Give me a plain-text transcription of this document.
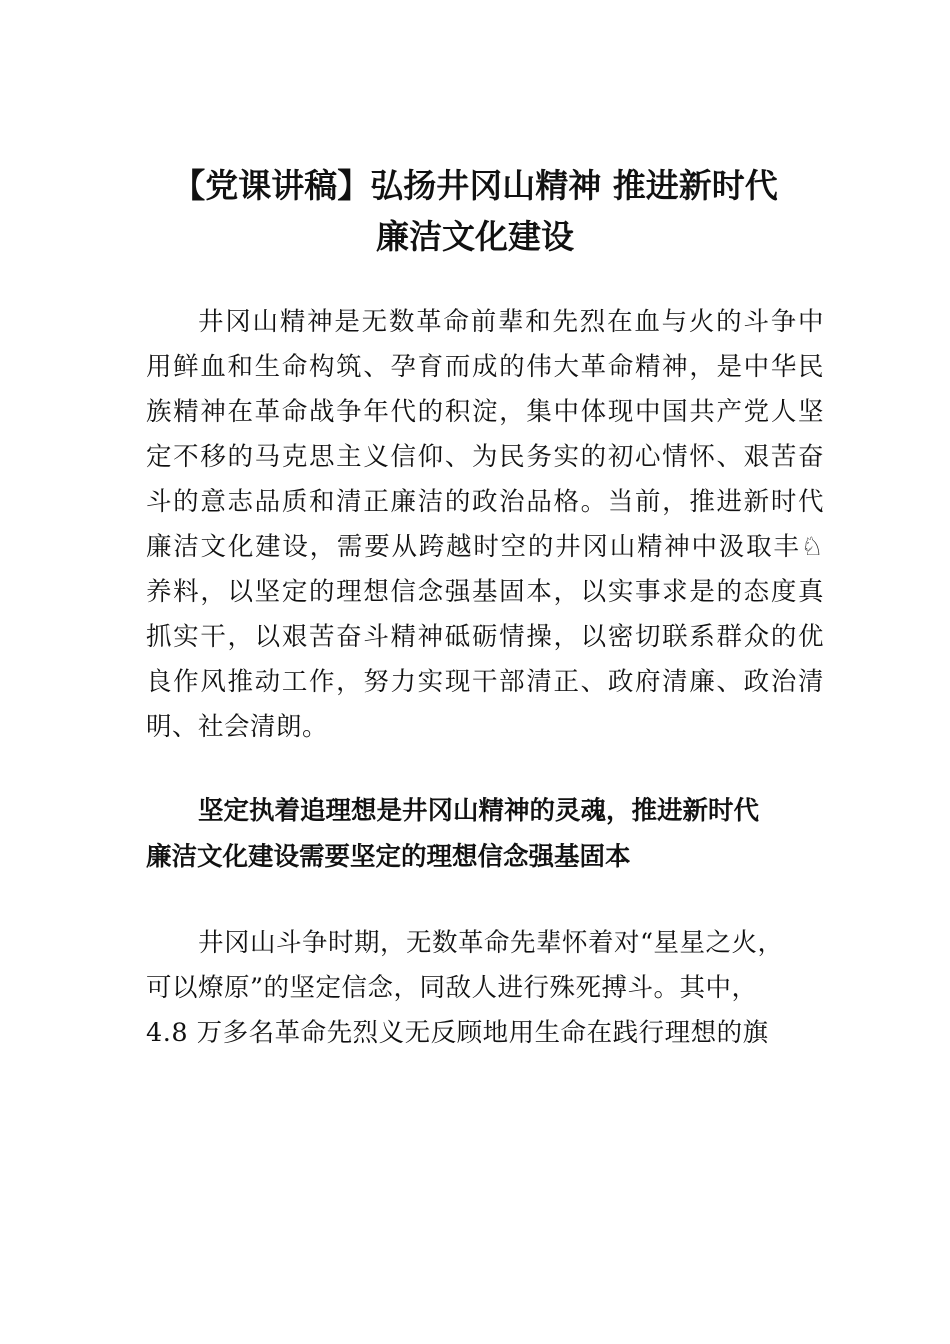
【党课讲稿】弘扬井冈山精神 推进新时代
廉洁文化建设

井冈山精神是无数革命前辈和先烈在血与火的斗争中

用鲜血和生命构筑、孕育而成的伟大革命精神，是中华民

族精神在革命战争年代的积淀，集中体现中国共产党人坚

定不移的马克思主义信仰、为民务实的初心情怀、艰苦奋

斗的意志品质和清正廉洁的政治品格。当前，推进新时代

廉洁文化建设，需要从跨越时空的井冈山精神中汲取丰♘

养料，以坚定的理想信念强基固本，以实事求是的态度真

抓实干，以艰苦奋斗精神砥砺情操，以密切联系群众的优

良作风推动工作，努力实现干部清正、政府清廉、政治清

明、社会清朗。

坚定执着追理想是井冈山精神的灵魂，推进新时代
廉洁文化建设需要坚定的理想信念强基固本

井冈山斗争时期，无数革命先辈怀着对“星星之火，

可以燎原”的坚定信念，同敌人进行殊死搏斗。其中，

4.8 万多名革命先烈义无反顾地用生命在践行理想的旗
